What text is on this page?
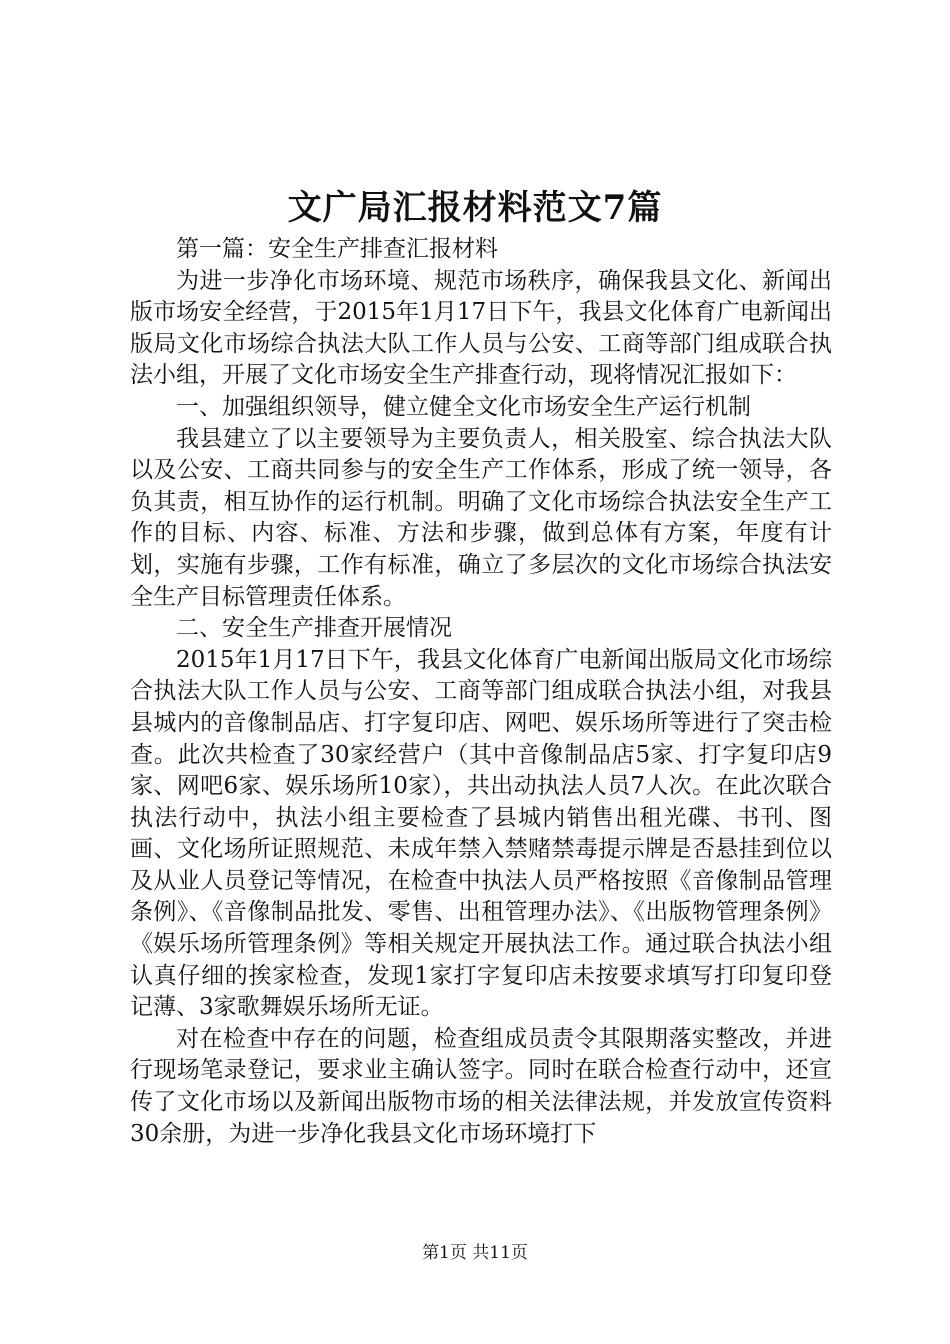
文广局汇报材料范文7篇

第一篇：安全生产排查汇报材料

为进一步净化市场环境、规范市场秩序，确保我县文化、新闻出版市场安全经营，于2015年1月17日下午，我县文化体育广电新闻出版局文化市场综合执法大队工作人员与公安、工商等部门组成联合执法小组，开展了文化市场安全生产排查行动，现将情况汇报如下：

一、加强组织领导，健立健全文化市场安全生产运行机制

我县建立了以主要领导为主要负责人，相关股室、综合执法大队以及公安、工商共同参与的安全生产工作体系，形成了统一领导，各负其责，相互协作的运行机制。明确了文化市场综合执法安全生产工作的目标、内容、标准、方法和步骤，做到总体有方案，年度有计划，实施有步骤，工作有标准，确立了多层次的文化市场综合执法安全生产目标管理责任体系。

二、安全生产排查开展情况

2015年1月17日下午，我县文化体育广电新闻出版局文化市场综合执法大队工作人员与公安、工商等部门组成联合执法小组，对我县县城内的音像制品店、打字复印店、网吧、娱乐场所等进行了突击检查。此次共检查了30家经营户（其中音像制品店5家、打字复印店9家、网吧6家、娱乐场所10家），共出动执法人员7人次。在此次联合执法行动中，执法小组主要检查了县城内销售出租光碟、书刊、图画、文化场所证照规范、未成年禁入禁赌禁毒提示牌是否悬挂到位以及从业人员登记等情况，在检查中执法人员严格按照《音像制品管理条例》、《音像制品批发、零售、出租管理办法》、《出版物管理条例》《娱乐场所管理条例》等相关规定开展执法工作。通过联合执法小组认真仔细的挨家检查，发现1家打字复印店未按要求填写打印复印登记薄、3家歌舞娱乐场所无证。

对在检查中存在的问题，检查组成员责令其限期落实整改，并进行现场笔录登记，要求业主确认签字。同时在联合检查行动中，还宣传了文化市场以及新闻出版物市场的相关法律法规，并发放宣传资料30余册，为进一步净化我县文化市场环境打下

第1页 共11页
